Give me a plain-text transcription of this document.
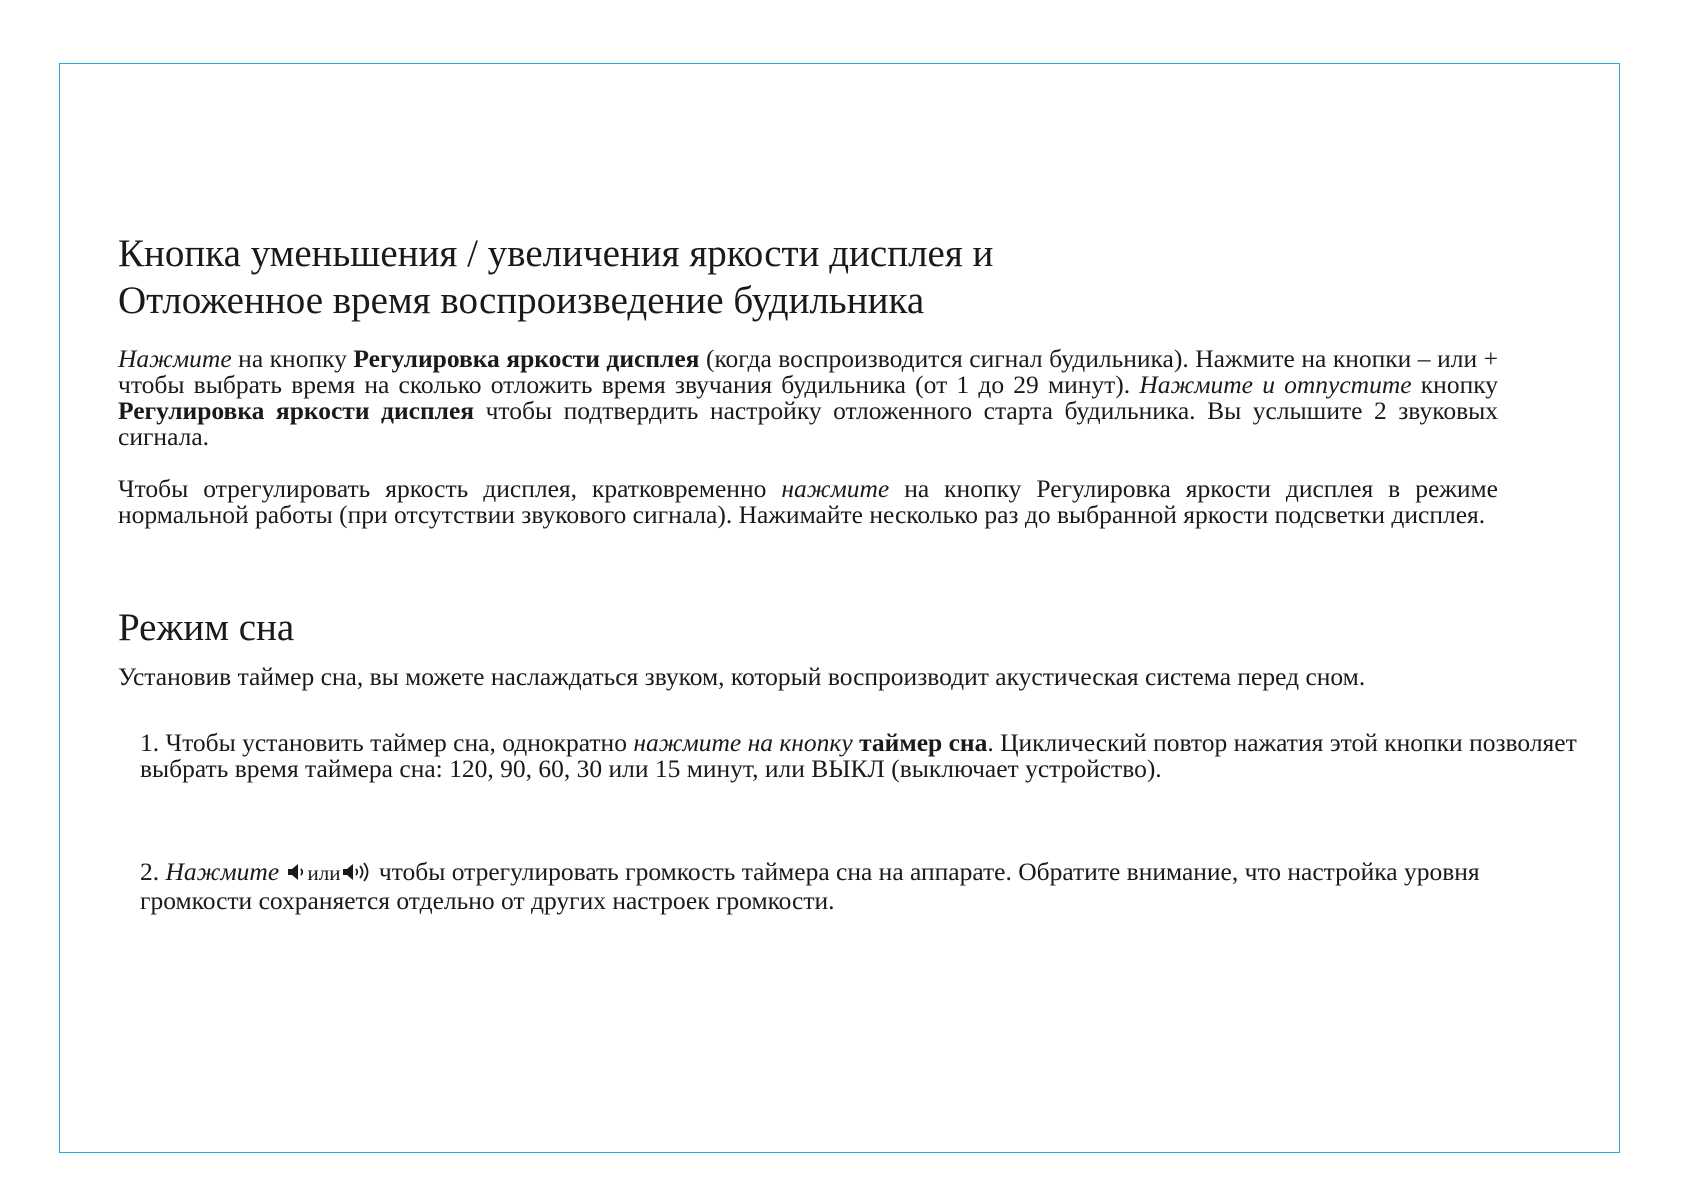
Кнопка уменьшения / увеличения яркости дисплея и
Отложенное время воспроизведение будильника

Нажмите на кнопку Регулировка яркости дисплея (когда воспроизводится сигнал будильника). Нажмите на кнопки – или + чтобы выбрать время на сколько отложить время звучания будильника (от 1 до 29 минут). Нажмите и отпустите кнопку Регулировка яркости дисплея чтобы подтвердить настройку отложенного старта будильника. Вы услышите 2 звуковых сигнала.

Чтобы отрегулировать яркость дисплея, кратковременно нажмите на кнопку Регулировка яркости дисплея в режиме нормальной работы (при отсутствии звукового сигнала). Нажимайте несколько раз до выбранной яркости подсветки дисплея.

Режим сна

Установив таймер сна, вы можете наслаждаться звуком, который воспроизводит акустическая система перед сном.

1. Чтобы установить таймер сна, однократно нажмите на кнопку таймер сна. Циклический повтор нажатия этой кнопки позволяет выбрать время таймера сна: 120, 90, 60, 30 или 15 минут, или ВЫКЛ (выключает устройство).

2. Нажмите или чтобы отрегулировать громкость таймера сна на аппарате. Обратите внимание, что настройка уровня громкости сохраняется отдельно от других настроек громкости.
